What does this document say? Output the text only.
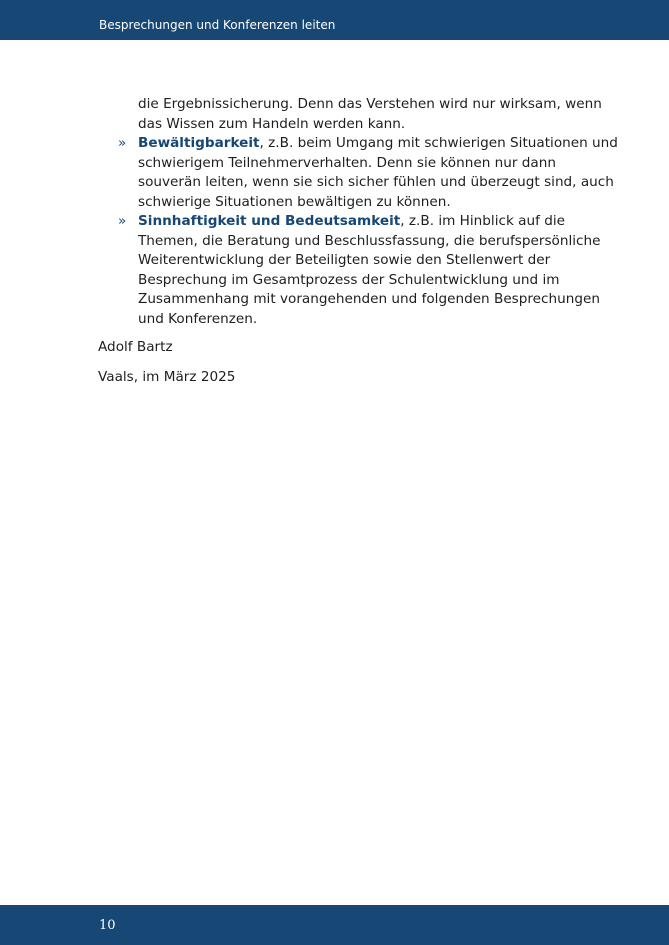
Besprechungen und Konferenzen leiten

die Ergebnissicherung. Denn das Verstehen wird nur wirksam, wenn das Wissen zum Handeln werden kann.

» Bewältigbarkeit, z.B. beim Umgang mit schwierigen Situationen und schwierigem Teilnehmerverhalten. Denn sie können nur dann souverän leiten, wenn sie sich sicher fühlen und überzeugt sind, auch schwierige Situationen bewältigen zu können.

» Sinnhaftigkeit und Bedeutsamkeit, z.B. im Hinblick auf die Themen, die Beratung und Beschlussfassung, die berufspersönliche Weiterentwicklung der Beteiligten sowie den Stellenwert der Besprechung im Gesamtprozess der Schulentwicklung und im Zusammenhang mit vorangehenden und folgenden Besprechungen und Konferenzen.

Adolf Bartz

Vaals, im März 2025

10
